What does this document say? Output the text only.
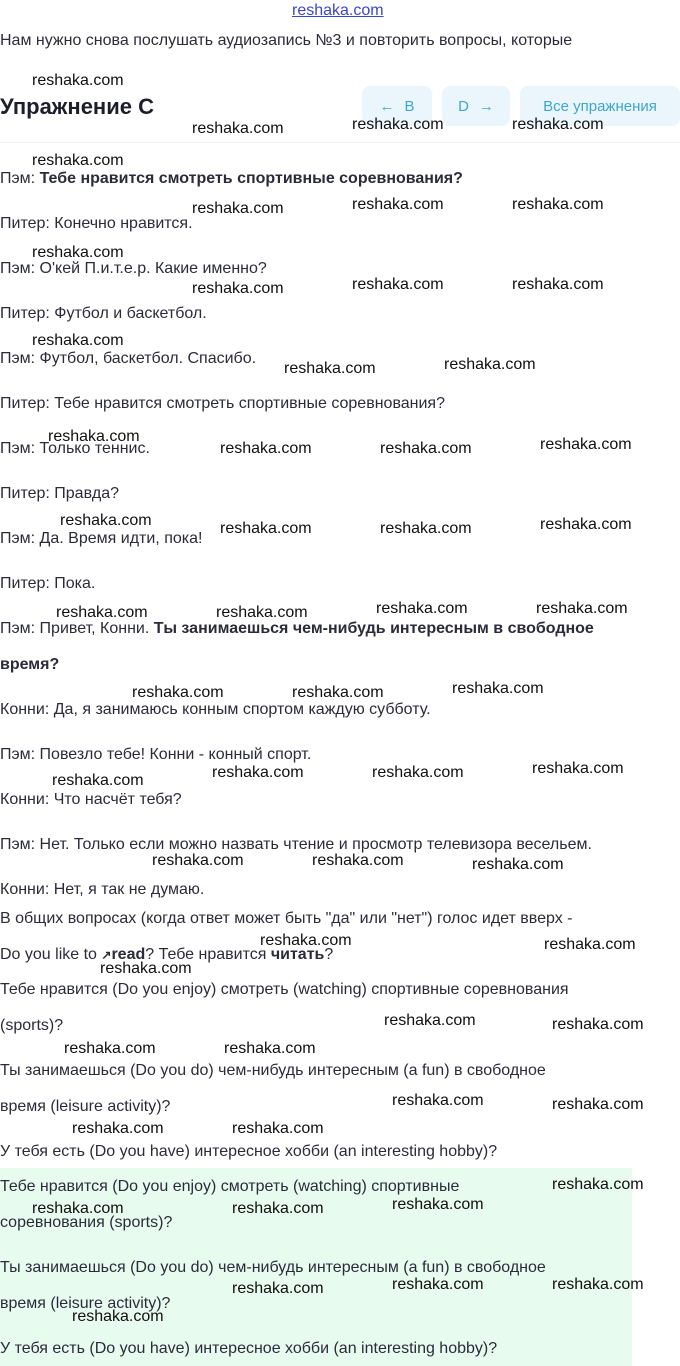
reshaka.com
Нам нужно снова послушать аудиозапись №3 и повторить вопросы, которые
Упражнение C	← B	D →	Все упражнения
Пэм: Тебе нравится смотреть спортивные соревнования?
Питер: Конечно нравится.
Пэм: О'кей П.и.т.е.р. Какие именно?
Питер: Футбол и баскетбол.
Пэм: Футбол, баскетбол. Спасибо.
Питер: Тебе нравится смотреть спортивные соревнования?
Пэм: Только теннис.
Питер: Правда?
Пэм: Да. Время идти, пока!
Питер: Пока.
Пэм: Привет, Конни. Ты занимаешься чем-нибудь интересным в свободное
время?
Конни: Да, я занимаюсь конным спортом каждую субботу.
Пэм: Повезло тебе! Конни - конный спорт.
Конни: Что насчёт тебя?
Пэм: Нет. Только если можно назвать чтение и просмотр телевизора весельем.
Конни: Нет, я так не думаю.
В общих вопросах (когда ответ может быть "да" или "нет") голос идет вверх -
Do you like to ↗read? Тебе нравится читать?
Тебе нравится (Do you enjoy) смотреть (watching) спортивные соревнования
(sports)?
Ты занимаешься (Do you do) чем-нибудь интересным (a fun) в свободное
время (leisure activity)?
У тебя есть (Do you have) интересное хобби (an interesting hobby)?
Тебе нравится (Do you enjoy) смотреть (watching) спортивные
соревнования (sports)?
Ты занимаешься (Do you do) чем-нибудь интересным (a fun) в свободное
время (leisure activity)?
У тебя есть (Do you have) интересное хобби (an interesting hobby)?
reshaka.com
reshaka.com	reshaka.com	reshaka.com
reshaka.com
reshaka.com	reshaka.com	reshaka.com
reshaka.com
reshaka.com	reshaka.com	reshaka.com
reshaka.com
reshaka.com	reshaka.com
reshaka.com
reshaka.com	reshaka.com	reshaka.com
reshaka.com	reshaka.com	reshaka.com	reshaka.com
reshaka.com	reshaka.com	reshaka.com	reshaka.com
reshaka.com	reshaka.com	reshaka.com
reshaka.com	reshaka.com	reshaka.com	reshaka.com
reshaka.com	reshaka.com	reshaka.com
reshaka.com	reshaka.com
reshaka.com
reshaka.com	reshaka.com
reshaka.com	reshaka.com
reshaka.com	reshaka.com
reshaka.com	reshaka.com
reshaka.com
reshaka.com	reshaka.com	reshaka.com
reshaka.com	reshaka.com	reshaka.com
reshaka.com
